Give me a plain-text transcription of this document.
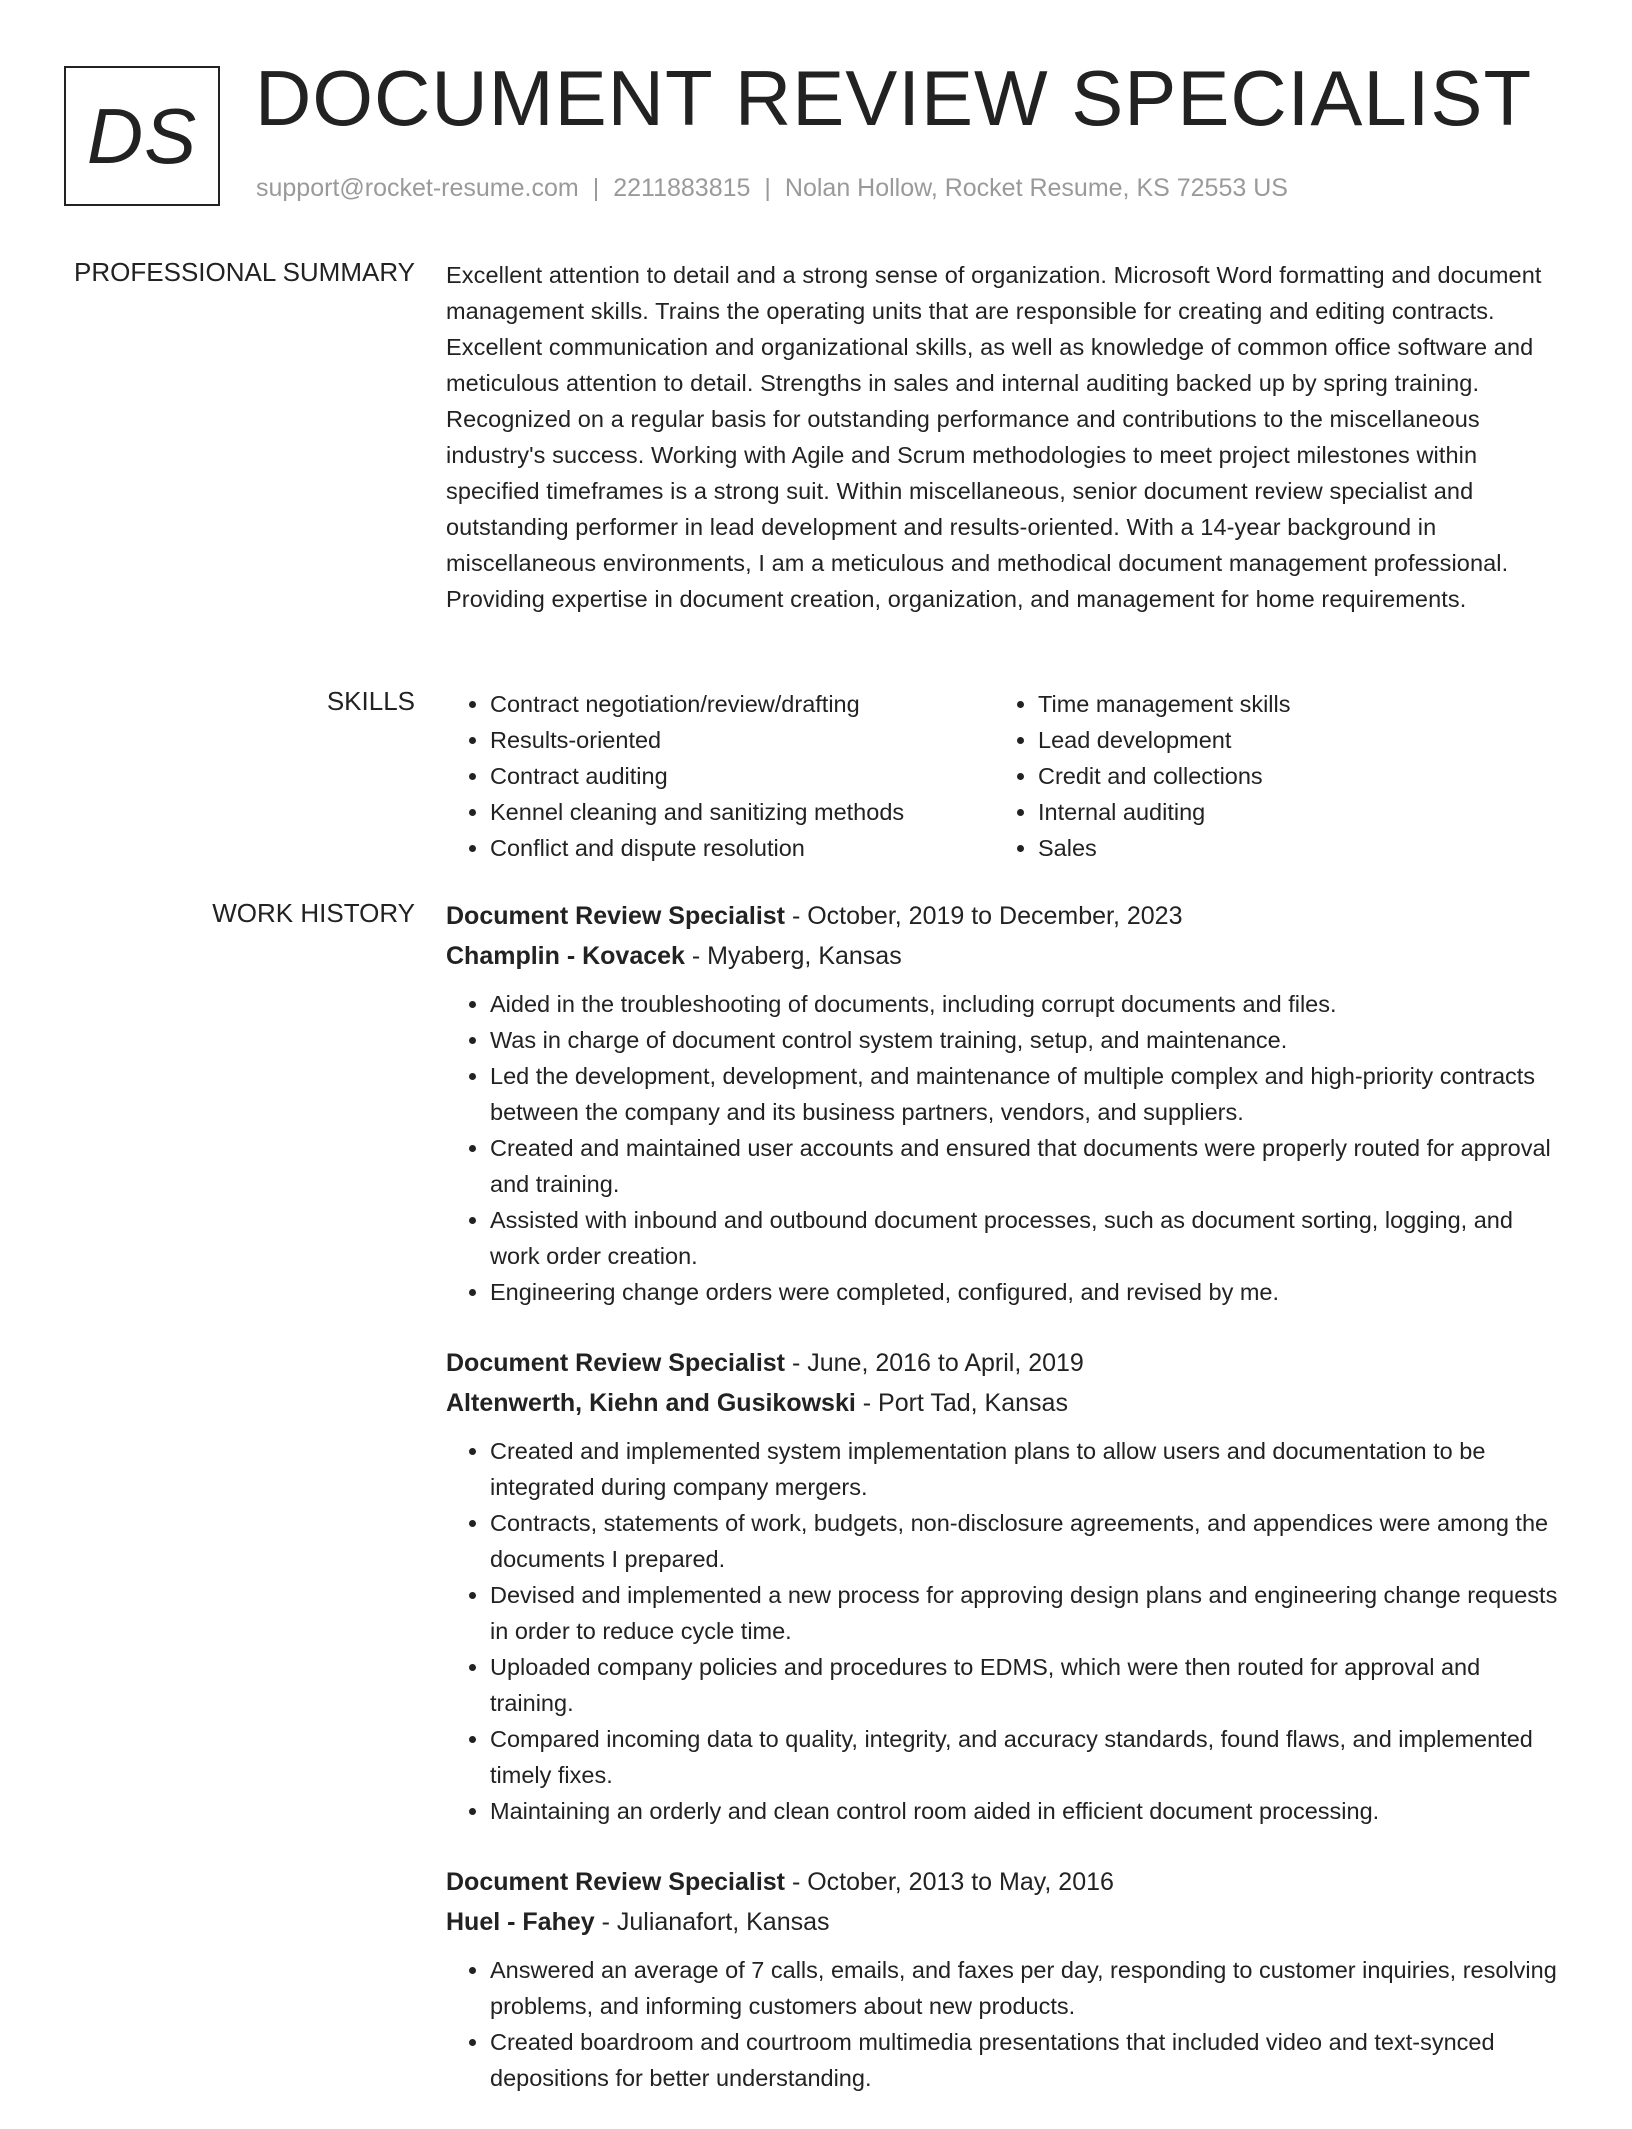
DS DOCUMENT REVIEW SPECIALIST
support@rocket-resume.com | 2211883815 | Nolan Hollow, Rocket Resume, KS 72553 US
PROFESSIONAL SUMMARY Excellent attention to detail and a strong sense of organization. Microsoft Word formatting and document management skills. Trains the operating units that are responsible for creating and editing contracts. Excellent communication and organizational skills, as well as knowledge of common office software and meticulous attention to detail. Strengths in sales and internal auditing backed up by spring training. Recognized on a regular basis for outstanding performance and contributions to the miscellaneous industry's success. Working with Agile and Scrum methodologies to meet project milestones within specified timeframes is a strong suit. Within miscellaneous, senior document review specialist and outstanding performer in lead development and results-oriented. With a 14-year background in miscellaneous environments, I am a meticulous and methodical document management professional. Providing expertise in document creation, organization, and management for home requirements.

SKILLS
•	Contract negotiation/review/drafting
• Results-oriented
• Contract auditing
• Kennel cleaning and sanitizing methods
• Conflict and dispute resolution
• Time management skills
• Lead development
• Credit and collections
• Internal auditing
• Sales
WORK HISTORY Document Review Specialist - October, 2019 to December, 2023
Champlin - Kovacek - Myaberg, Kansas
• Aided in the troubleshooting of documents, including corrupt documents and files.
• Was in charge of document control system training, setup, and maintenance.
• Led the development, development, and maintenance of multiple complex and high-priority contracts between the company and its business partners, vendors, and suppliers.
• Created and maintained user accounts and ensured that documents were properly routed for approval and training.
• Assisted with inbound and outbound document processes, such as document sorting, logging, and work order creation.
• Engineering change orders were completed, configured, and revised by me.
Document Review Specialist - June, 2016 to April, 2019
Altenwerth, Kiehn and Gusikowski - Port Tad, Kansas
• Created and implemented system implementation plans to allow users and documentation to be integrated during company mergers.
• Contracts, statements of work, budgets, non-disclosure agreements, and appendices were among the documents I prepared.
• Devised and implemented a new process for approving design plans and engineering change requests in order to reduce cycle time.
• Uploaded company policies and procedures to EDMS, which were then routed for approval and training.
• Compared incoming data to quality, integrity, and accuracy standards, found flaws, and implemented timely fixes.
• Maintaining an orderly and clean control room aided in efficient document processing.
Document Review Specialist - October, 2013 to May, 2016
Huel - Fahey - Julianafort, Kansas
• Answered an average of 7 calls, emails, and faxes per day, responding to customer inquiries, resolving problems, and informing customers about new products.
• Created boardroom and courtroom multimedia presentations that included video and text-synced depositions for better understanding.
